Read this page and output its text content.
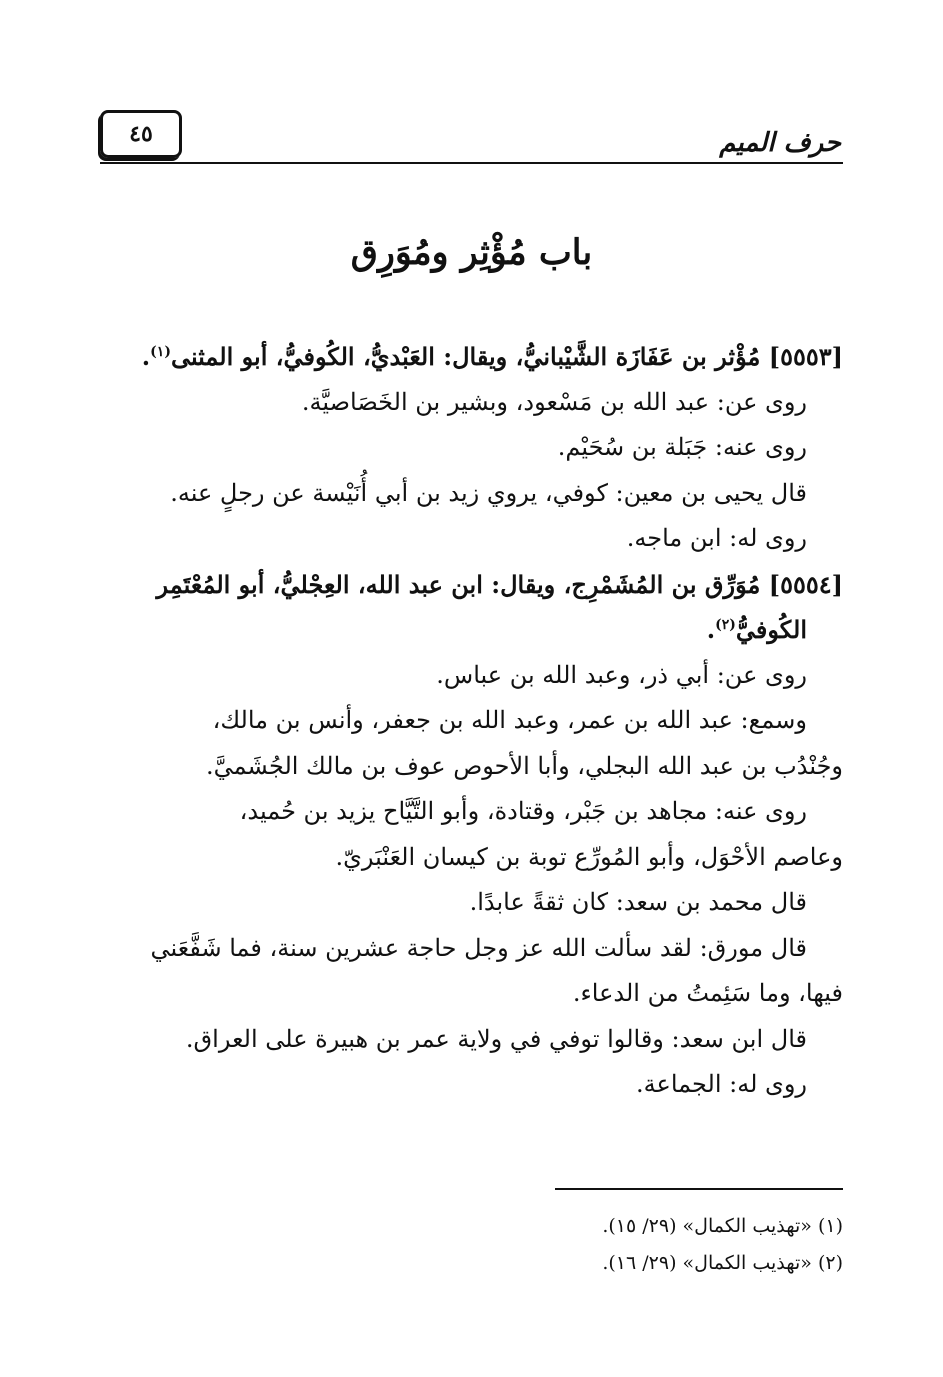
حرف الميم
٤٥
باب مُؤْثِر ومُوَرِق
[٥٥٥٣] مُؤْثر بن عَفَازَة الشَّيْبانيُّ، ويقال: العَبْديُّ، الكُوفيُّ، أبو المثنى$^{(١)}$.
روى عن: عبد الله بن مَسْعود، وبشير بن الخَصَاصيَّة.
روى عنه: جَبَلة بن سُحَيْم.
قال يحيى بن معين: كوفي، يروي زيد بن أبي أُنَيْسة عن رجلٍ عنه.
روى له: ابن ماجه.
[٥٥٥٤] مُوَرِّق بن المُشَمْرِج، ويقال: ابن عبد الله، العِجْليُّ، أبو المُعْتَمِر
الكُوفيُّ$^{(٢)}$.
روى عن: أبي ذر، وعبد الله بن عباس.
وسمع: عبد الله بن عمر، وعبد الله بن جعفر، وأنس بن مالك،
وجُنْدُب بن عبد الله البجلي، وأبا الأحوص عوف بن مالك الجُشَميَّ.
روى عنه: مجاهد بن جَبْر، وقتادة، وأبو التَّيَّاح يزيد بن حُميد،
وعاصم الأحْوَل، وأبو المُورِّع توبة بن كيسان العَنْبَريّ.
قال محمد بن سعد: كان ثقةً عابدًا.
قال مورق: لقد سألت الله عز وجل حاجة عشرين سنة، فما شَفَّعَني
فيها، وما سَئِمتُ من الدعاء.
قال ابن سعد: وقالوا توفي في ولاية عمر بن هبيرة على العراق.
روى له: الجماعة.
(١) «تهذيب الكمال» (٢٩/ ١٥).
(٢) «تهذيب الكمال» (٢٩/ ١٦).
